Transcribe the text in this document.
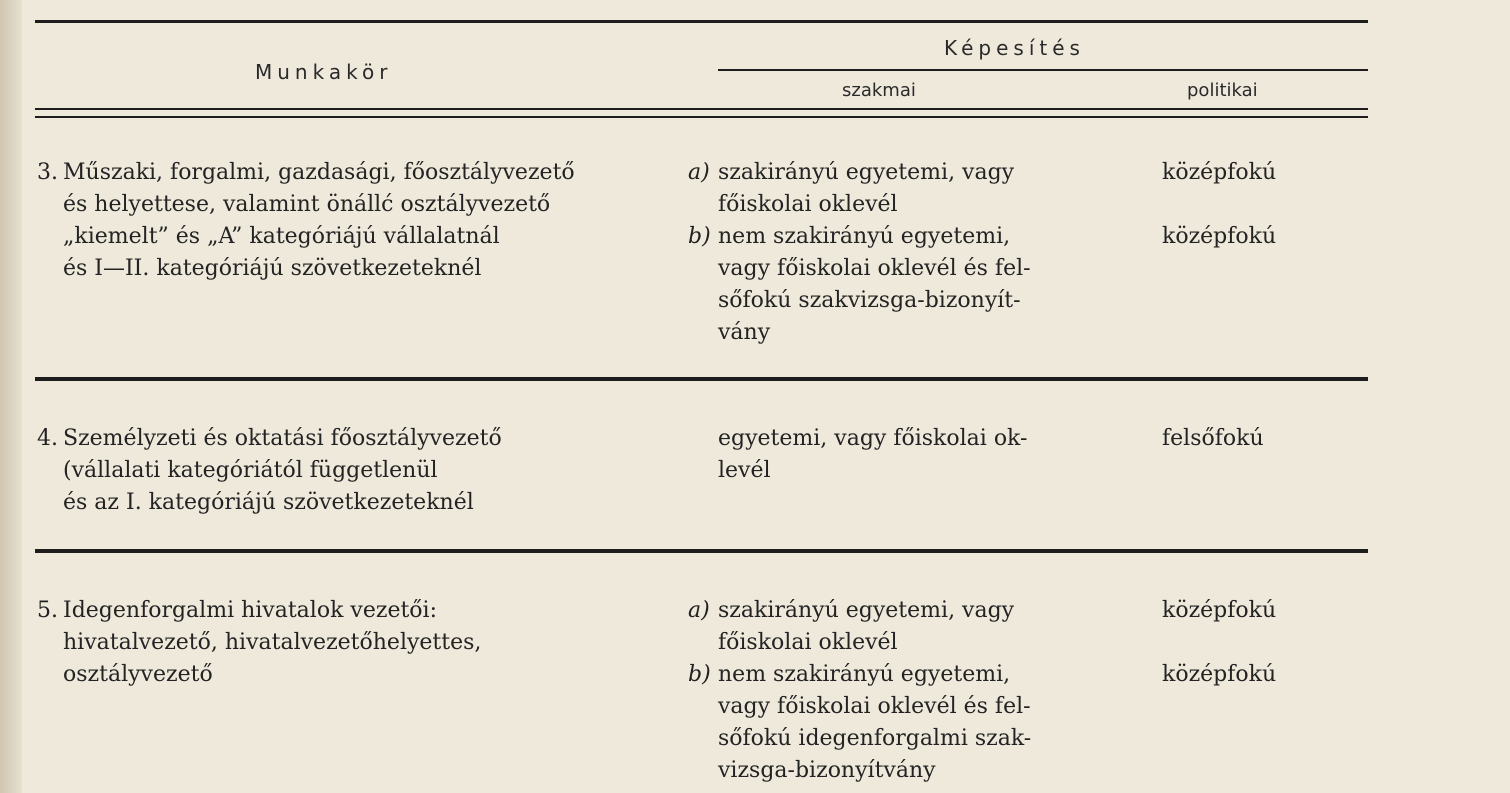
Munkakör
Képesítés
szakmai	politikai
3. Műszaki, forgalmi, gazdasági, főosztályvezető
és helyettese, valamint önállć osztályvezető
„kiemelt” és „A” kategóriájú vállalatnál
és I—II. kategóriájú szövetkezeteknél
a) szakirányú egyetemi, vagy
főiskolai oklevél
középfokú
b) nem szakirányú egyetemi,
vagy főiskolai oklevél és fel-
sőfokú szakvizsga-bizonyít-
vány
középfokú
4. Személyzeti és oktatási főosztályvezető
(vállalati kategóriától függetlenül
és az I. kategóriájú szövetkezeteknél
egyetemi, vagy főiskolai ok-
levél
felsőfokú
5. Idegenforgalmi hivatalok vezetői:
hivatalvezető, hivatalvezetőhelyettes,
osztályvezető
a) szakirányú egyetemi, vagy
főiskolai oklevél
középfokú
b) nem szakirányú egyetemi,
vagy főiskolai oklevél és fel-
sőfokú idegenforgalmi szak-
vizsga-bizonyítvány
középfokú
